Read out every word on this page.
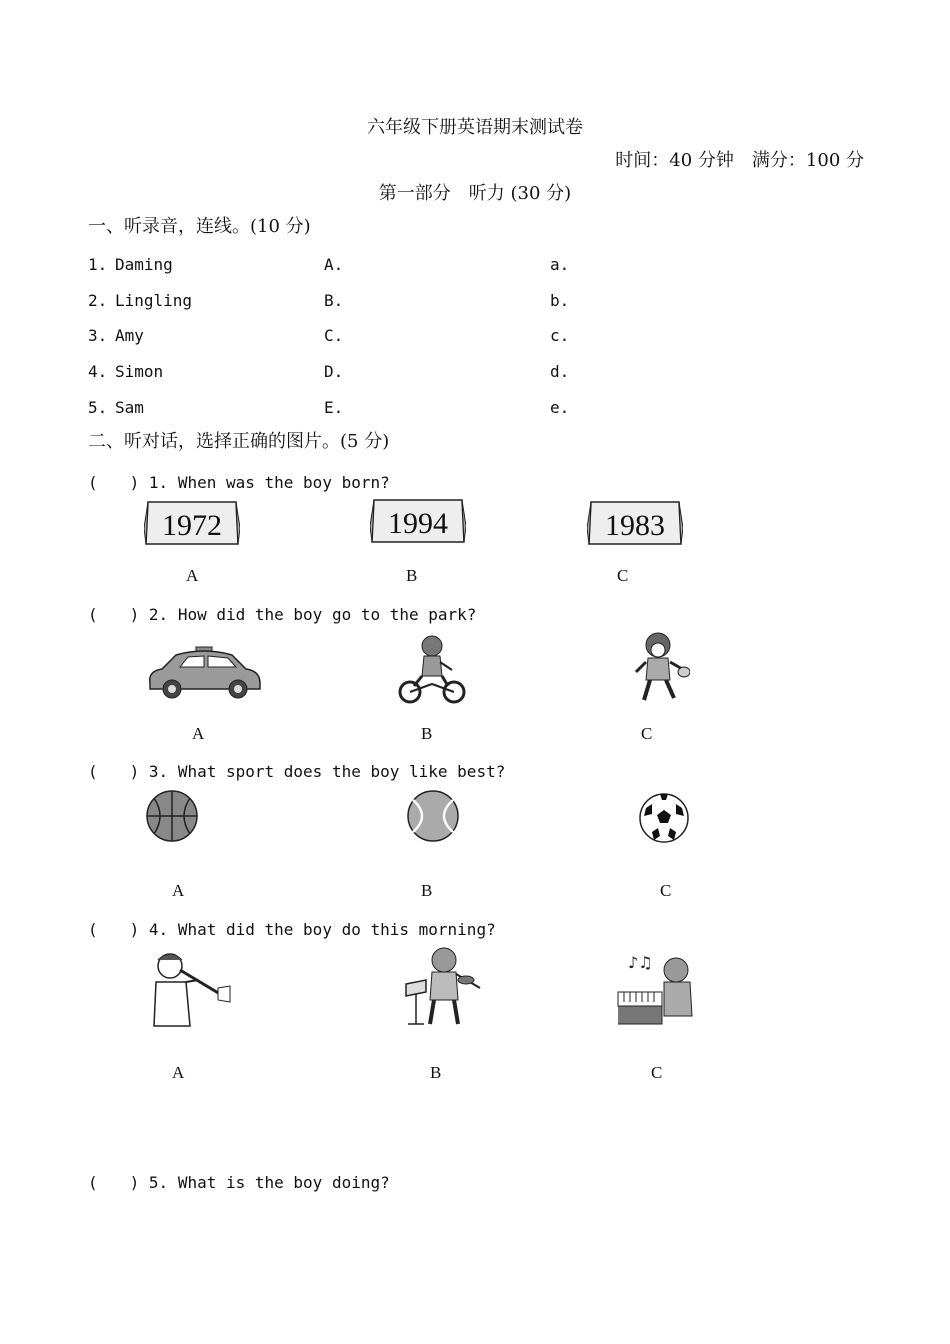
六年级下册英语期末测试卷
时间：40 分钟　满分：100 分
第一部分　听力 (30 分)
一、听录音，连线。(10 分)
1. Daming	A.	a.
2. Lingling	B.	b.
3. Amy	C.	c.
4. Simon	D.	d.
5. Sam	E.	e.
二、听对话，选择正确的图片。(5 分)
(　　) 1. When was the boy born?
1972	1994	1983
A	B	C
(　　) 2. How did the boy go to the park?
A	B	C
(　　) 3. What sport does the boy like best?
A	B	C
(　　) 4. What did the boy do this morning?
♪♫
A	B	C
(　　) 5. What is the boy doing?
